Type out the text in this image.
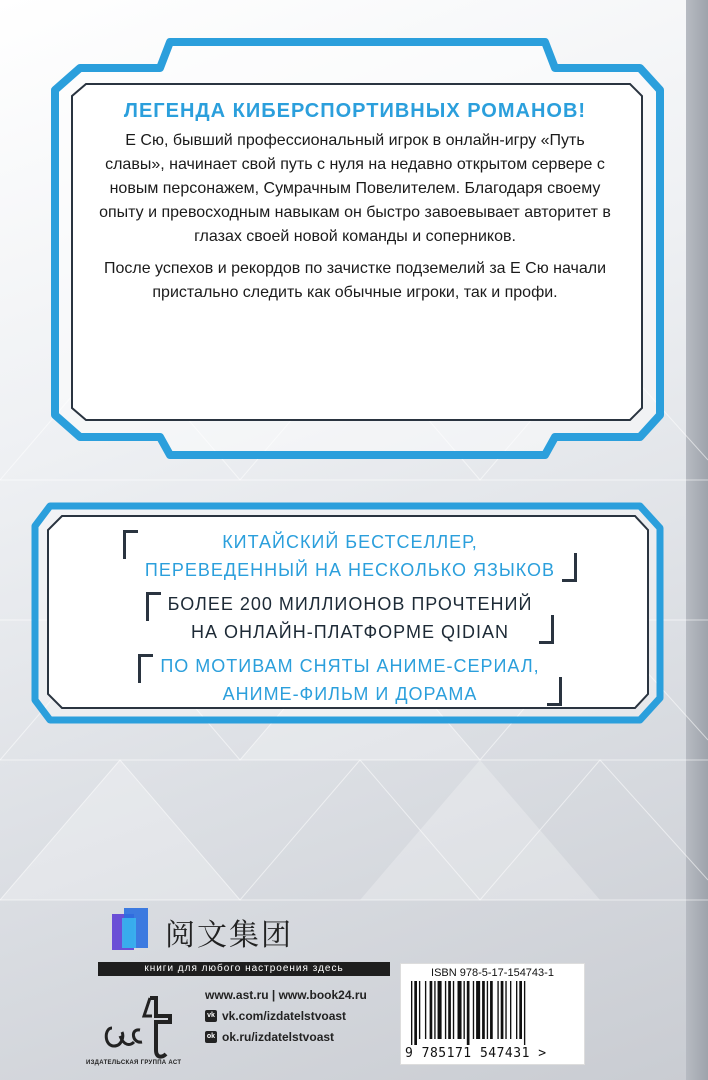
ЛЕГЕНДА КИБЕРСПОРТИВНЫХ РОМАНОВ!

Е Сю, бывший профессиональный игрок в онлайн-игру «Путь славы», начинает свой путь с нуля на недавно открытом сервере с новым персонажем, Сумрачным Повелителем. Благодаря своему опыту и превосходным навыкам он быстро завоевывает авторитет в глазах своей новой команды и соперников.

После успехов и рекордов по зачистке подземелий за Е Сю начали пристально следить как обычные игроки, так и профи.

КИТАЙСКИЙ БЕСТСЕЛЛЕР,
ПЕРЕВЕДЕННЫЙ НА НЕСКОЛЬКО ЯЗЫКОВ

БОЛЕЕ 200 МИЛЛИОНОВ ПРОЧТЕНИЙ
НА ОНЛАЙН-ПЛАТФОРМЕ QIDIAN

ПО МОТИВАМ СНЯТЫ АНИМЕ-СЕРИАЛ,
АНИМЕ-ФИЛЬМ И ДОРАМА
阅文集团
книги для любого настроения здесь
ИЗДАТЕЛЬСКАЯ ГРУППА АСТ
www.ast.ru | www.book24.ru
vk vk.com/izdatelstvoast
ok ok.ru/izdatelstvoast
ISBN 978-5-17-154743-1
9 785171 547431 >
